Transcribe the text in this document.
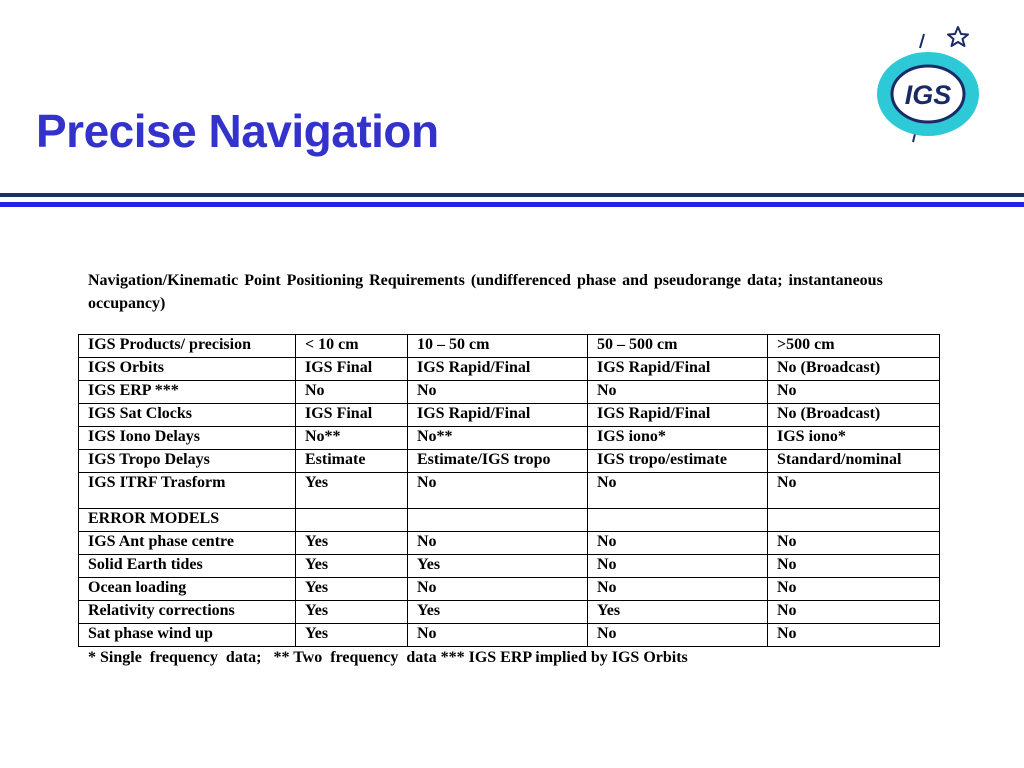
Precise Navigation
IGS
Navigation/Kinematic Point Positioning Requirements (undifferenced phase and pseudorange data; instantaneous occupancy)
IGS Products/ precision	< 10 cm	10 – 50 cm	50 – 500 cm	>500 cm
IGS Orbits	IGS Final	IGS Rapid/Final	IGS Rapid/Final	No (Broadcast)
IGS ERP ***	No	No	No	No
IGS Sat Clocks	IGS Final	IGS Rapid/Final	IGS Rapid/Final	No (Broadcast)
IGS Iono Delays	No**	No**	IGS iono*	IGS iono*
IGS Tropo Delays	Estimate	Estimate/IGS tropo	IGS tropo/estimate	Standard/nominal
IGS ITRF Trasform	Yes	No	No	No
ERROR MODELS				
IGS Ant phase centre	Yes	No	No	No
Solid Earth tides	Yes	Yes	No	No
Ocean loading	Yes	No	No	No
Relativity corrections	Yes	Yes	Yes	No
Sat phase wind up	Yes	No	No	No
* Single  frequency  data;   ** Two  frequency  data *** IGS ERP implied by IGS Orbits
